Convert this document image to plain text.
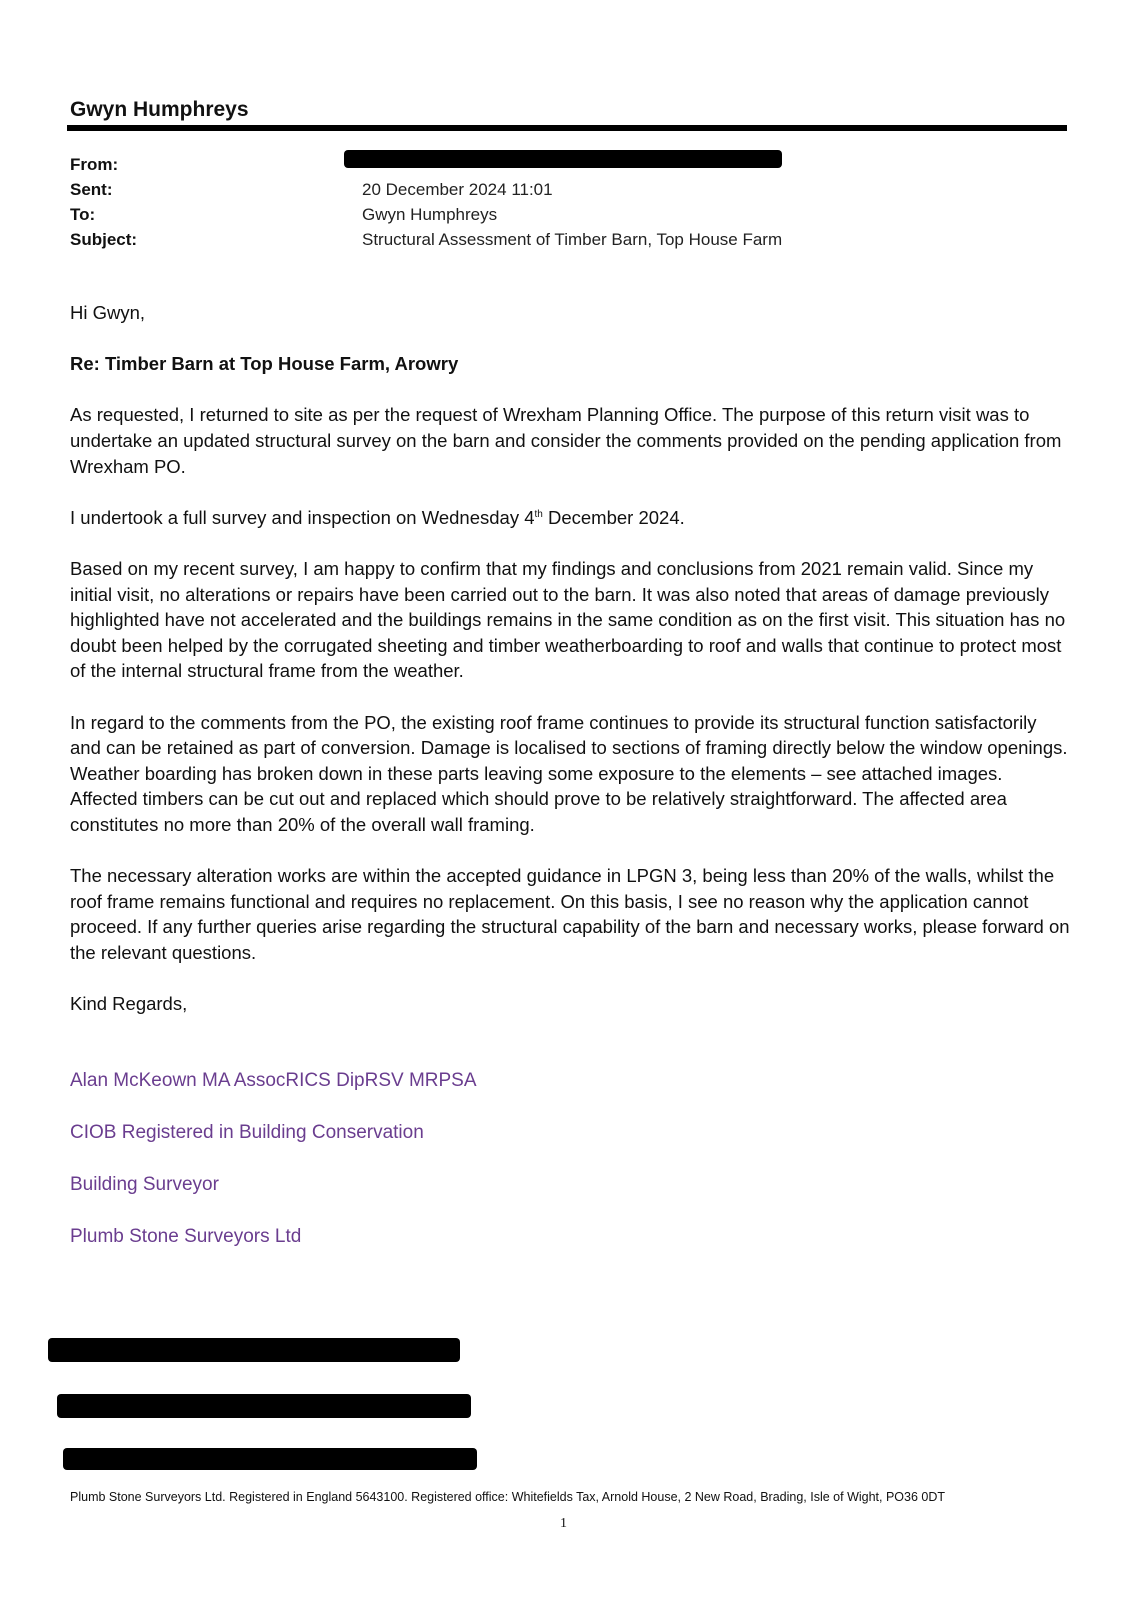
Gwyn Humphreys
From:
Sent:	20 December 2024 11:01
To:	Gwyn Humphreys
Subject:	Structural Assessment of Timber Barn, Top House Farm

Hi Gwyn,

Re: Timber Barn at Top House Farm, Arowry

As requested, I returned to site as per the request of Wrexham Planning Office. The purpose of this return visit was to undertake an updated structural survey on the barn and consider the comments provided on the pending application from Wrexham PO.

I undertook a full survey and inspection on Wednesday 4th December 2024.

Based on my recent survey, I am happy to confirm that my findings and conclusions from 2021 remain valid. Since my initial visit, no alterations or repairs have been carried out to the barn. It was also noted that areas of damage previously highlighted have not accelerated and the buildings remains in the same condition as on the first visit. This situation has no doubt been helped by the corrugated sheeting and timber weatherboarding to roof and walls that continue to protect most of the internal structural frame from the weather.

In regard to the comments from the PO, the existing roof frame continues to provide its structural function satisfactorily and can be retained as part of conversion. Damage is localised to sections of framing directly below the window openings. Weather boarding has broken down in these parts leaving some exposure to the elements – see attached images. Affected timbers can be cut out and replaced which should prove to be relatively straightforward. The affected area constitutes no more than 20% of the overall wall framing.

The necessary alteration works are within the accepted guidance in LPGN 3, being less than 20% of the walls, whilst the roof frame remains functional and requires no replacement. On this basis, I see no reason why the application cannot proceed. If any further queries arise regarding the structural capability of the barn and necessary works, please forward on the relevant questions.

Kind Regards,

Alan McKeown MA AssocRICS DipRSV MRPSA
CIOB Registered in Building Conservation
Building Surveyor
Plumb Stone Surveyors Ltd
Plumb Stone Surveyors Ltd. Registered in England 5643100. Registered office: Whitefields Tax, Arnold House, 2 New Road, Brading, Isle of Wight, PO36 0DT
1
